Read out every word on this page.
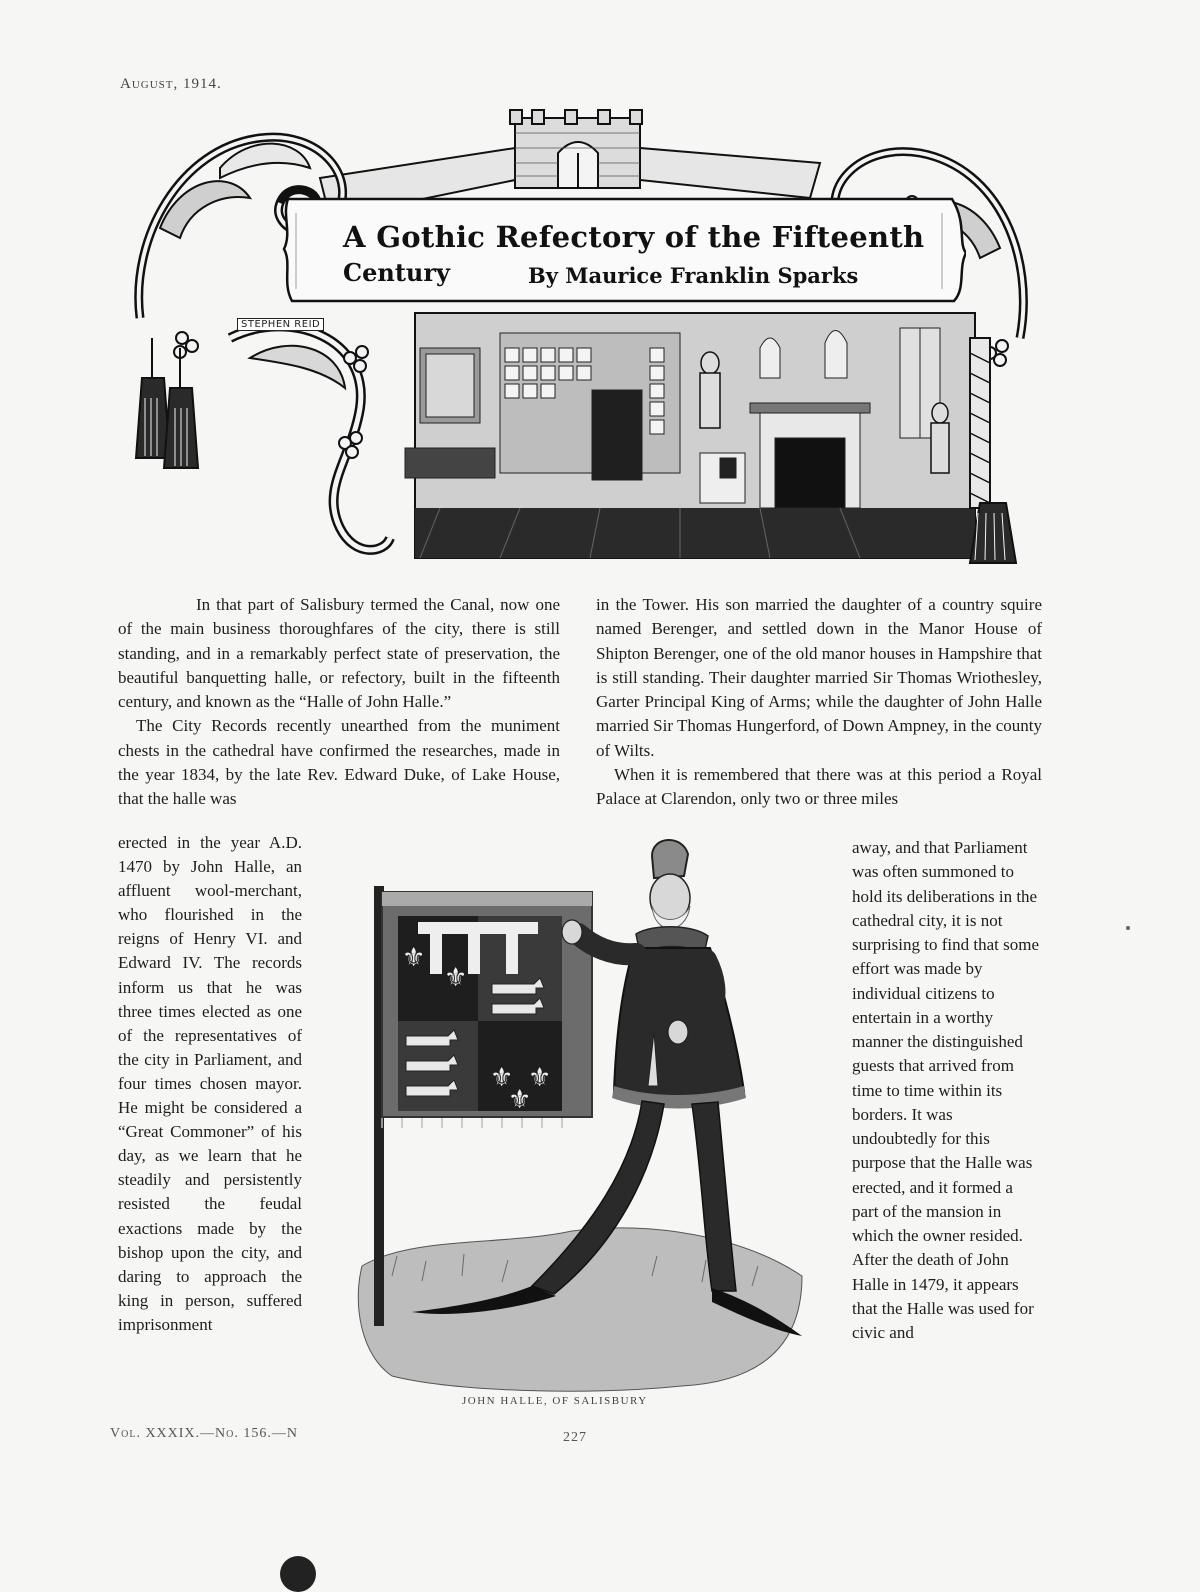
August, 1914.
A Gothic Refectory of the Fifteenth
Century	By Maurice Franklin Sparks
STEPHEN REID

In that part of Salisbury termed the Canal, now one of the main business thoroughfares of the city, there is still standing, and in a remarkably perfect state of preservation, the beautiful banquetting halle, or refectory, built in the fifteenth century, and known as the “Halle of John Halle.”

The City Records recently unearthed from the muniment chests in the cathedral have confirmed the researches, made in the year 1834, by the late Rev. Edward Duke, of Lake House, that the halle was

in the Tower. His son married the daughter of a country squire named Berenger, and settled down in the Manor House of Shipton Berenger, one of the old manor houses in Hampshire that is still standing. Their daughter married Sir Thomas Wriothesley, Garter Principal King of Arms; while the daughter of John Halle married Sir Thomas Hungerford, of Down Ampney, in the county of Wilts.

When it is remembered that there was at this period a Royal Palace at Clarendon, only two or three miles

erected in the year A.D. 1470 by John Halle, an affluent wool-merchant, who flourished in the reigns of Henry VI. and Edward IV. The records inform us that he was three times elected as one of the representatives of the city in Parliament, and four times chosen mayor. He might be considered a “Great Commoner” of his day, as we learn that he steadily and persistently resisted the feudal exactions made by the bishop upon the city, and daring to approach the king in person, suffered imprisonment

away, and that Parliament was often summoned to hold its deliberations in the cathedral city, it is not surprising to find that some effort was made by individual citizens to entertain in a worthy manner the distinguished guests that arrived from time to time within its borders. It was undoubtedly for this purpose that the Halle was erected, and it formed a part of the mansion in which the owner resided. After the death of John Halle in 1479, it appears that the Halle was used for civic and

⚜
⚜
⚜ ⚜
⚜
JOHN HALLE, OF SALISBURY
Vol. XXXIX.—No. 156.—N	227
